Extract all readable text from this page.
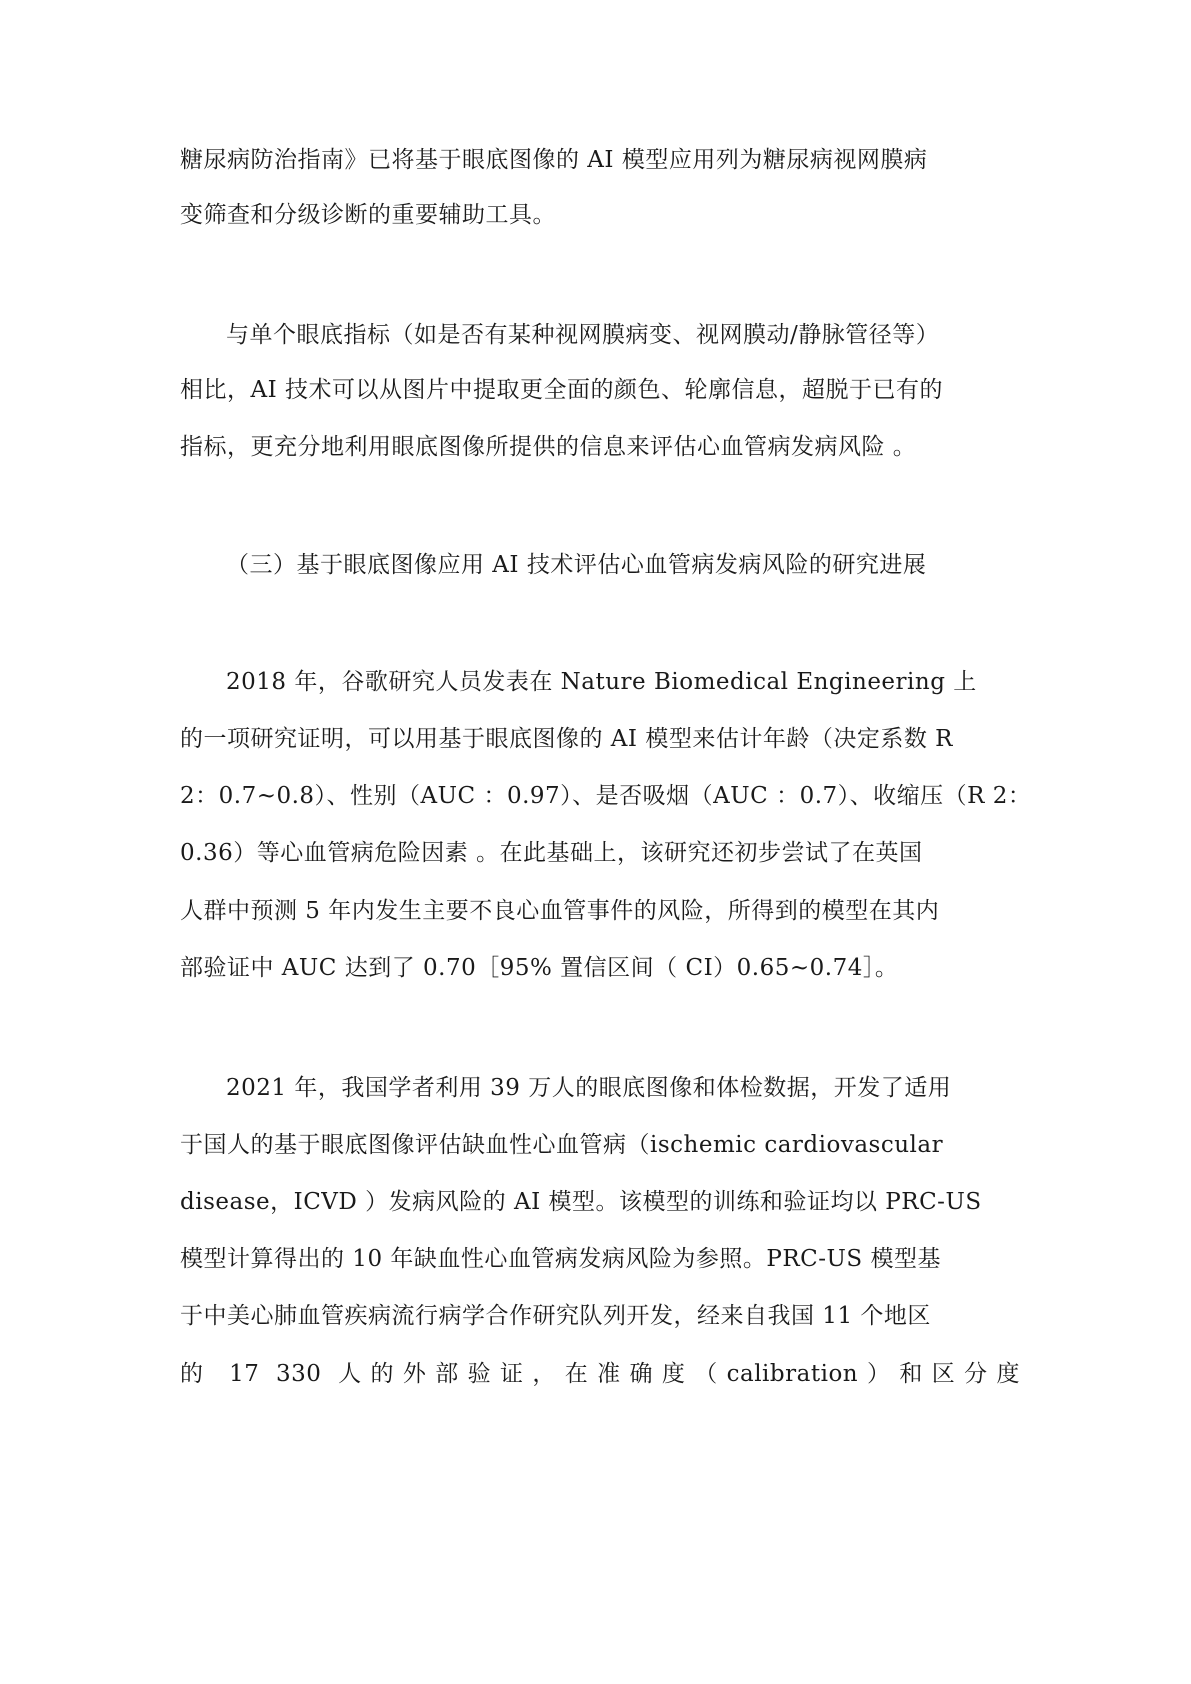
糖尿病防治指南》已将基于眼底图像的 AI 模型应用列为糖尿病视网膜病
变筛查和分级诊断的重要辅助工具。
与单个眼底指标（如是否有某种视网膜病变、视网膜动/静脉管径等）
相比，AI 技术可以从图片中提取更全面的颜色、轮廓信息，超脱于已有的
指标，更充分地利用眼底图像所提供的信息来评估心血管病发病风险 。
（三）基于眼底图像应用 AI 技术评估心血管病发病风险的研究进展
2018 年，谷歌研究人员发表在 Nature Biomedical Engineering 上
的一项研究证明，可以用基于眼底图像的 AI 模型来估计年龄（决定系数 R
2：0.7~0.8）、性别（AUC ：0.97）、是否吸烟（AUC ：0.7）、收缩压（R 2：
0.36）等心血管病危险因素 。在此基础上，该研究还初步尝试了在英国
人群中预测 5 年内发生主要不良心血管事件的风险，所得到的模型在其内
部验证中 AUC 达到了 0.70［95% 置信区间（ CI）0.65~0.74］。
2021 年，我国学者利用 39 万人的眼底图像和体检数据，开发了适用
于国人的基于眼底图像评估缺血性心血管病（ischemic cardiovascular
disease，ICVD ）发病风险的 AI 模型。该模型的训练和验证均以 PRC-US
模型计算得出的 10 年缺血性心血管病发病风险为参照。PRC-US 模型基
于中美心肺血管疾病流行病学合作研究队列开发，经来自我国 11 个地区
的 17 330 人的外部验证，在准确度（calibration）和区分度
